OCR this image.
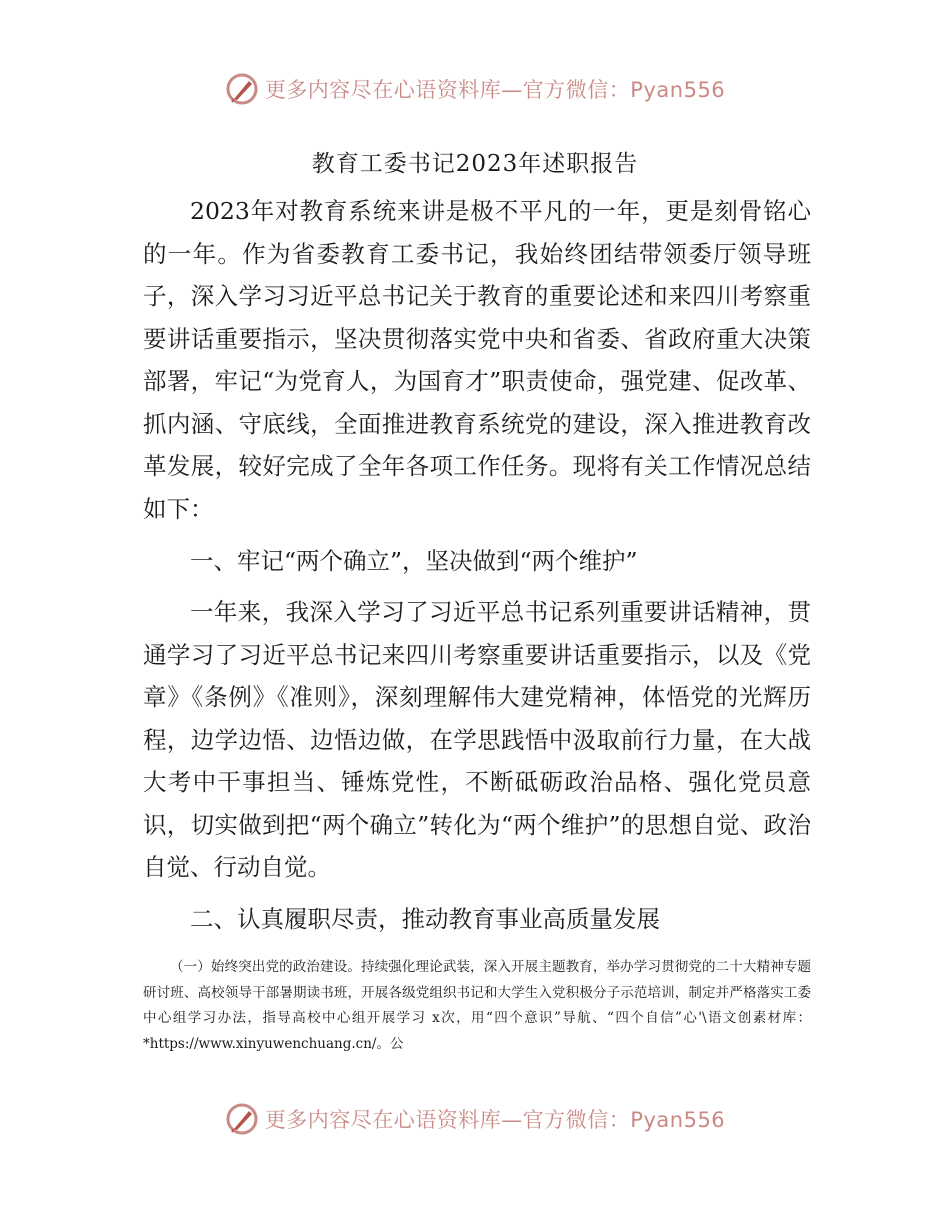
更多内容尽在心语资料库—官方微信：Pyan556
教育工委书记2023年述职报告

2023年对教育系统来讲是极不平凡的一年，更是刻骨铭心的一年。作为省委教育工委书记，我始终团结带领委厅领导班子，深入学习习近平总书记关于教育的重要论述和来四川考察重要讲话重要指示，坚决贯彻落实党中央和省委、省政府重大决策部署，牢记“为党育人，为国育才”职责使命，强党建、促改革、抓内涵、守底线，全面推进教育系统党的建设，深入推进教育改革发展，较好完成了全年各项工作任务。现将有关工作情况总结如下：

一、牢记“两个确立”，坚决做到“两个维护”

一年来，我深入学习了习近平总书记系列重要讲话精神，贯通学习了习近平总书记来四川考察重要讲话重要指示，以及《党章》《条例》《准则》，深刻理解伟大建党精神，体悟党的光辉历程，边学边悟、边悟边做，在学思践悟中汲取前行力量，在大战大考中干事担当、锤炼党性，不断砥砺政治品格、强化党员意识，切实做到把“两个确立”转化为“两个维护”的思想自觉、政治自觉、行动自觉。

二、认真履职尽责，推动教育事业高质量发展

（一）始终突出党的政治建设。持续强化理论武装，深入开展主题教育，举办学习贯彻党的二十大精神专题研讨班、高校领导干部暑期读书班，开展各级党组织书记和大学生入党积极分子示范培训，制定并严格落实工委中心组学习办法，指导高校中心组开展学习 x次，用“四个意识”导航、“四个自信”心'\语文创素材库：*https://www.xinyuwenchuang.cn/。公

更多内容尽在心语资料库—官方微信：Pyan556
